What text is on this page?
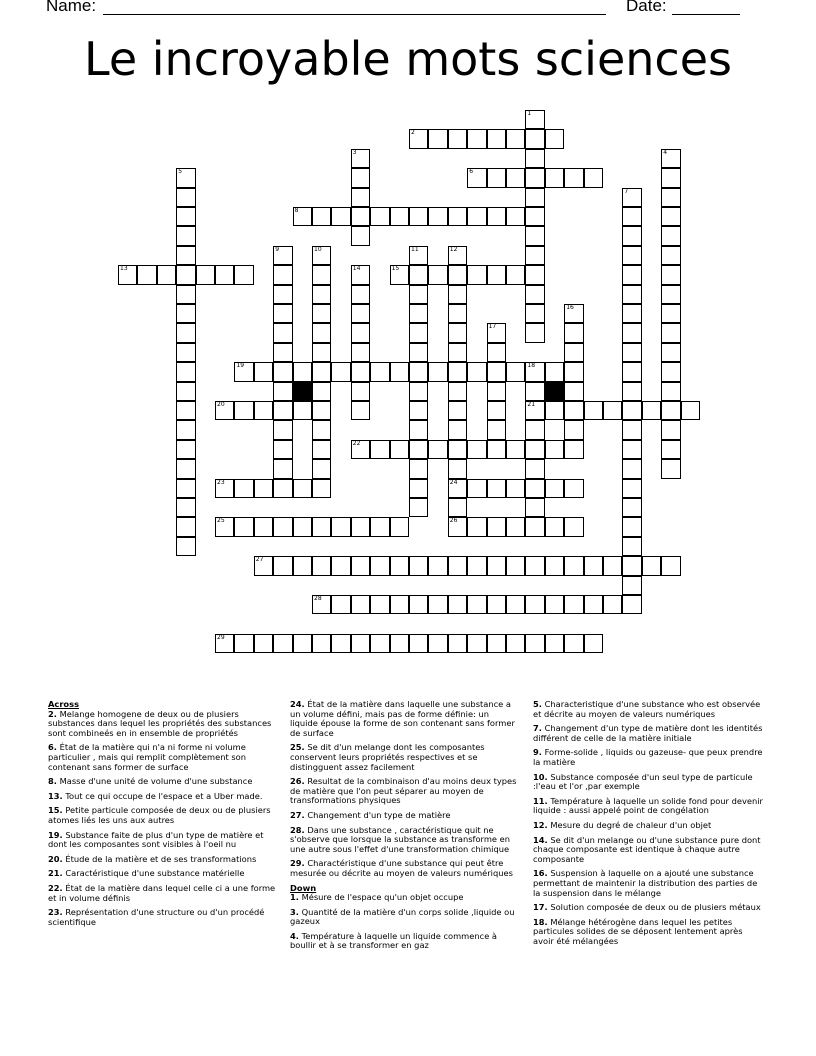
Name:	Date:
Le incroyable mots sciences
2
6
8
13	15
19	18
20	21
22
23	24
25	26
27
28
29
1
3	4
5
7
9	10	11	12
14
16
17
Across
2. Melange homogene de deux ou de plusiers substances dans lequel les propriétés des substances sont combineés en in ensemble de propriétés
6. État de la matière qui n'a ni forme ni volume particulier , mais qui remplit complètement son contenant sans former de surface
8. Masse d'une unité de volume d'une substance
13. Tout ce qui occupe de l'espace et a Uber made.
15. Petite particule composée de deux ou de plusiers atomes liés les uns aux autres
19. Substance faite de plus d'un type de matière et dont les composantes sont visibles à l'oeil nu
20. Étude de la matière et de ses transformations
21. Caractéristique d'une substance matérielle
22. État de la matière dans lequel celle ci a une forme et in volume définis
23. Représentation d'une structure ou d'un procédé scientifique
24. État de la matière dans laquelle une substance a un volume défini, mais pas de forme définie: un liquide épouse la forme de son contenant sans former de surface
25. Se dit d'un melange dont les composantes conservent leurs propriétés respectives et se distingguent assez facilement
26. Resultat de la combinaison d'au moins deux types de matière que l'on peut séparer au moyen de transformations physiques
27. Changement d'un type de matière
28. Dans une substance , caractéristique quit ne s'observe que lorsque la substance as transforme en une autre sous l'effet d'une transformation chimique
29. Charactéristique d'une substance qui peut être mesurée ou décrite au moyen de valeurs numériques
Down
1. Mésure de l'espace qu'un objet occupe
3. Quantité de la matière d'un corps solide ,liquide ou gazeux
4. Température à laquelle un liquide commence à boullir et à se transformer en gaz
5. Characteristique d'une substance who est observée et décrite au moyen de valeurs numériques
7. Changement d'un type de matière dont les identités différent de celle de la matière initiale
9. Forme-solide , liquids ou gazeuse- que peux prendre la matière
10. Substance composée d'un seul type de particule :l'eau et l'or ,par exemple
11. Température à laquelle un solide fond pour devenir liquide : aussi appelé point de congélation
12. Mesure du degré de chaleur d'un objet
14. Se dit d'un melange ou d'une substance pure dont chaque composante est identique à chaque autre composante
16. Suspension à laquelle on a ajouté une substance permettant de maintenir la distribution des parties de la suspension dans le mélange
17. Solution composée de deux ou de plusiers métaux
18. Mélange hétérogène dans lequel les petites particules solides de se déposent lentement après avoir été mélangées
